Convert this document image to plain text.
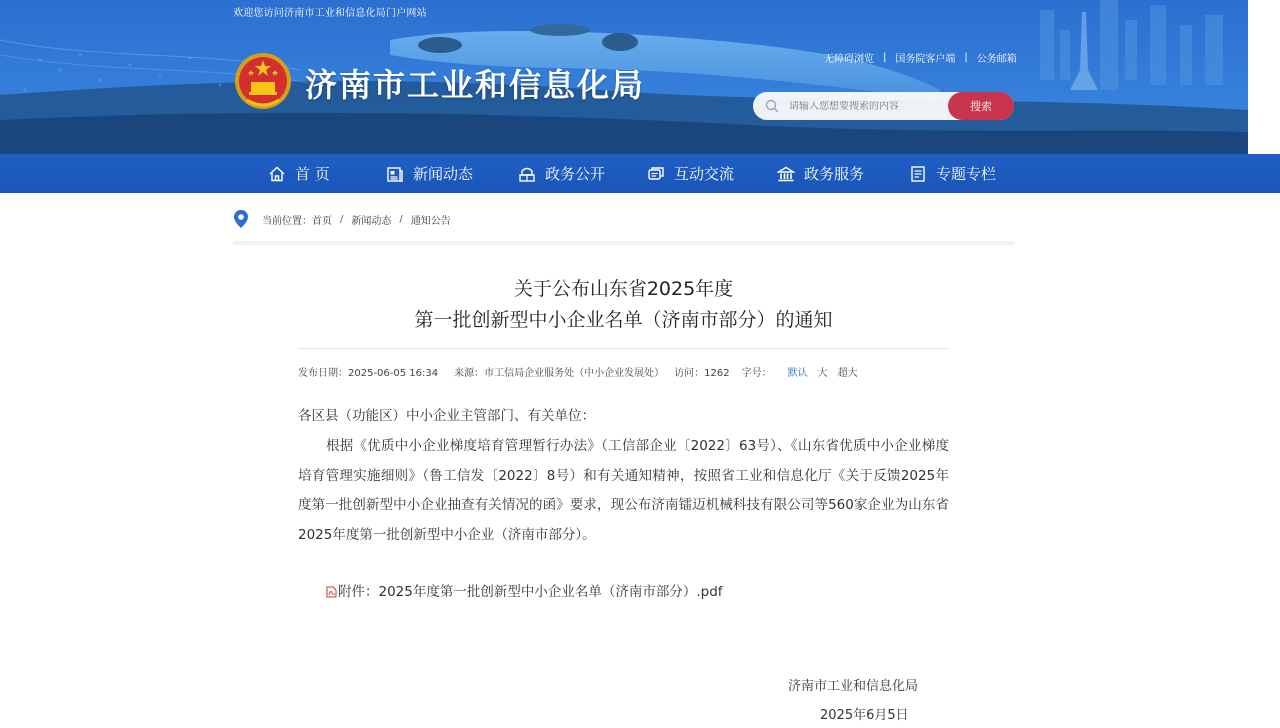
欢迎您访问济南市工业和信息化局门户网站
济南市工业和信息化局
无障碍浏览 | 国务院客户端 | 公务邮箱
请输入您想要搜索的内容
搜索
首 页	新闻动态	政务公开	互动交流	政务服务	专题专栏
当前位置： 首页 / 新闻动态 / 通知公告
关于公布山东省2025年度
第一批创新型中小企业名单（济南市部分）的通知
发布日期：2025-06-05 16:34 来源：市工信局企业服务处（中小企业发展处） 访问：1262 字号： 默认 大 超大
各区县（功能区）中小企业主管部门、有关单位：
根据《优质中小企业梯度培育管理暂行办法》（工信部企业〔2022〕63号）、《山东省优质中小企业梯度培育管理实施细则》（鲁工信发〔2022〕8号）和有关通知精神，按照省工业和信息化厅《关于反馈2025年度第一批创新型中小企业抽查有关情况的函》要求，现公布济南镭迈机械科技有限公司等560家企业为山东省2025年度第一批创新型中小企业（济南市部分）。
附件：2025年度第一批创新型中小企业名单（济南市部分）.pdf
济南市工业和信息化局
2025年6月5日
